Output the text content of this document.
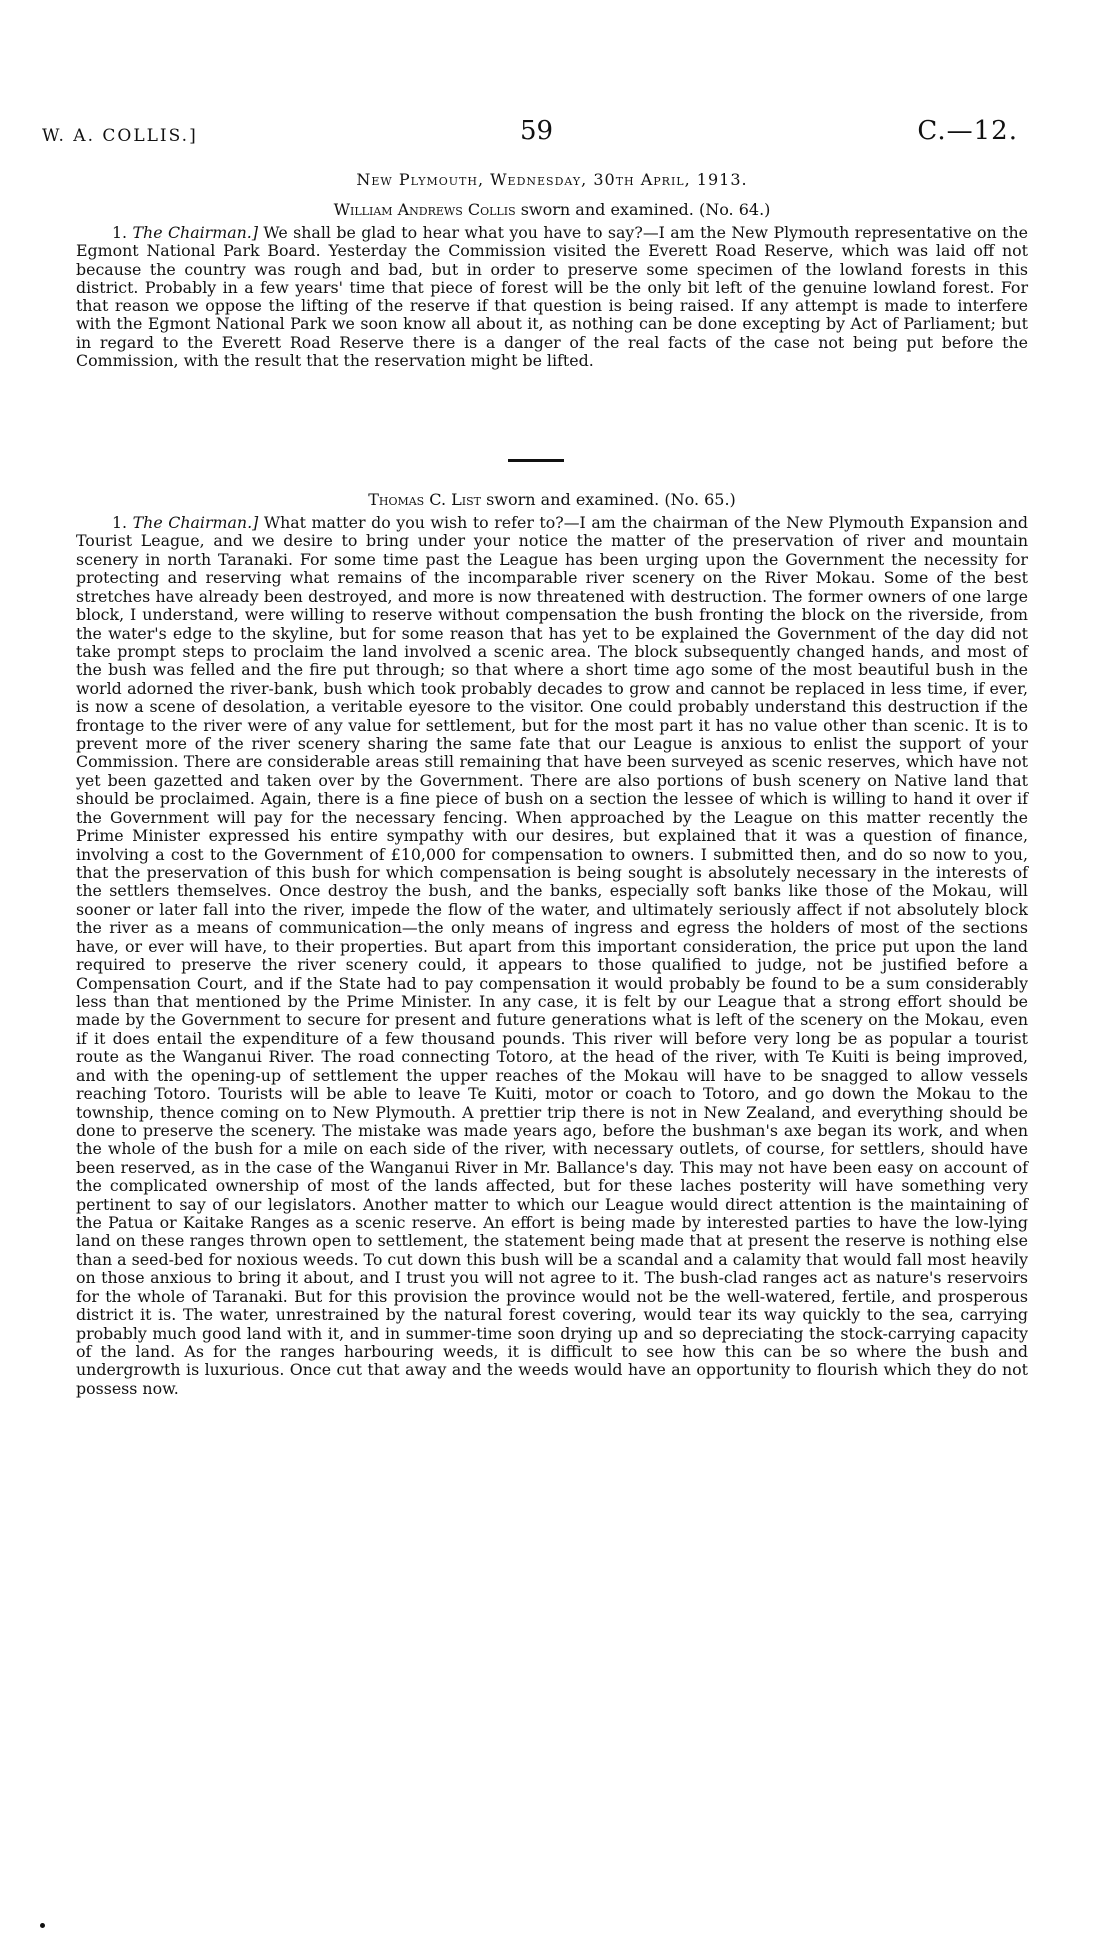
W. A. COLLIS.]	59	C.—12.
New Plymouth, Wednesday, 30th April, 1913.
William Andrews Collis sworn and examined. (No. 64.)

1. The Chairman.] We shall be glad to hear what you have to say?—I am the New Plymouth representative on the Egmont National Park Board. Yesterday the Commission visited the Everett Road Reserve, which was laid off not because the country was rough and bad, but in order to preserve some specimen of the lowland forests in this district. Probably in a few years' time that piece of forest will be the only bit left of the genuine lowland forest. For that reason we oppose the lifting of the reserve if that question is being raised. If any attempt is made to interfere with the Egmont National Park we soon know all about it, as nothing can be done excepting by Act of Parliament; but in regard to the Everett Road Reserve there is a danger of the real facts of the case not being put before the Commission, with the result that the reservation might be lifted.

Thomas C. List sworn and examined. (No. 65.)

1. The Chairman.] What matter do you wish to refer to?—I am the chairman of the New Plymouth Expansion and Tourist League, and we desire to bring under your notice the matter of the preservation of river and mountain scenery in north Taranaki. For some time past the League has been urging upon the Government the necessity for protecting and reserving what remains of the incomparable river scenery on the River Mokau. Some of the best stretches have already been destroyed, and more is now threatened with destruction. The former owners of one large block, I understand, were willing to reserve without compensation the bush fronting the block on the riverside, from the water's edge to the skyline, but for some reason that has yet to be explained the Government of the day did not take prompt steps to proclaim the land involved a scenic area. The block subsequently changed hands, and most of the bush was felled and the fire put through; so that where a short time ago some of the most beautiful bush in the world adorned the river-bank, bush which took probably decades to grow and cannot be replaced in less time, if ever, is now a scene of desolation, a veritable eyesore to the visitor. One could probably understand this destruction if the frontage to the river were of any value for settlement, but for the most part it has no value other than scenic. It is to prevent more of the river scenery sharing the same fate that our League is anxious to enlist the support of your Commission. There are considerable areas still remaining that have been surveyed as scenic reserves, which have not yet been gazetted and taken over by the Government. There are also portions of bush scenery on Native land that should be proclaimed. Again, there is a fine piece of bush on a section the lessee of which is willing to hand it over if the Government will pay for the necessary fencing. When approached by the League on this matter recently the Prime Minister expressed his entire sympathy with our desires, but explained that it was a question of finance, involving a cost to the Government of £10,000 for compensation to owners. I submitted then, and do so now to you, that the preservation of this bush for which compensation is being sought is absolutely necessary in the interests of the settlers themselves. Once destroy the bush, and the banks, especially soft banks like those of the Mokau, will sooner or later fall into the river, impede the flow of the water, and ultimately seriously affect if not absolutely block the river as a means of communication—the only means of ingress and egress the holders of most of the sections have, or ever will have, to their properties. But apart from this important consideration, the price put upon the land required to preserve the river scenery could, it appears to those qualified to judge, not be justified before a Compensation Court, and if the State had to pay compensation it would probably be found to be a sum considerably less than that mentioned by the Prime Minister. In any case, it is felt by our League that a strong effort should be made by the Government to secure for present and future generations what is left of the scenery on the Mokau, even if it does entail the expenditure of a few thousand pounds. This river will before very long be as popular a tourist route as the Wanganui River. The road connecting Totoro, at the head of the river, with Te Kuiti is being improved, and with the opening-up of settlement the upper reaches of the Mokau will have to be snagged to allow vessels reaching Totoro. Tourists will be able to leave Te Kuiti, motor or coach to Totoro, and go down the Mokau to the township, thence coming on to New Plymouth. A prettier trip there is not in New Zealand, and everything should be done to preserve the scenery. The mistake was made years ago, before the bushman's axe began its work, and when the whole of the bush for a mile on each side of the river, with necessary outlets, of course, for settlers, should have been reserved, as in the case of the Wanganui River in Mr. Ballance's day. This may not have been easy on account of the complicated ownership of most of the lands affected, but for these laches posterity will have something very pertinent to say of our legislators. Another matter to which our League would direct attention is the maintaining of the Patua or Kaitake Ranges as a scenic reserve. An effort is being made by interested parties to have the low-lying land on these ranges thrown open to settlement, the statement being made that at present the reserve is nothing else than a seed-bed for noxious weeds. To cut down this bush will be a scandal and a calamity that would fall most heavily on those anxious to bring it about, and I trust you will not agree to it. The bush-clad ranges act as nature's reservoirs for the whole of Taranaki. But for this provision the province would not be the well-watered, fertile, and prosperous district it is. The water, unrestrained by the natural forest covering, would tear its way quickly to the sea, carrying probably much good land with it, and in summer-time soon drying up and so depreciating the stock-carrying capacity of the land. As for the ranges harbouring weeds, it is difficult to see how this can be so where the bush and undergrowth is luxurious. Once cut that away and the weeds would have an opportunity to flourish which they do not possess now.
